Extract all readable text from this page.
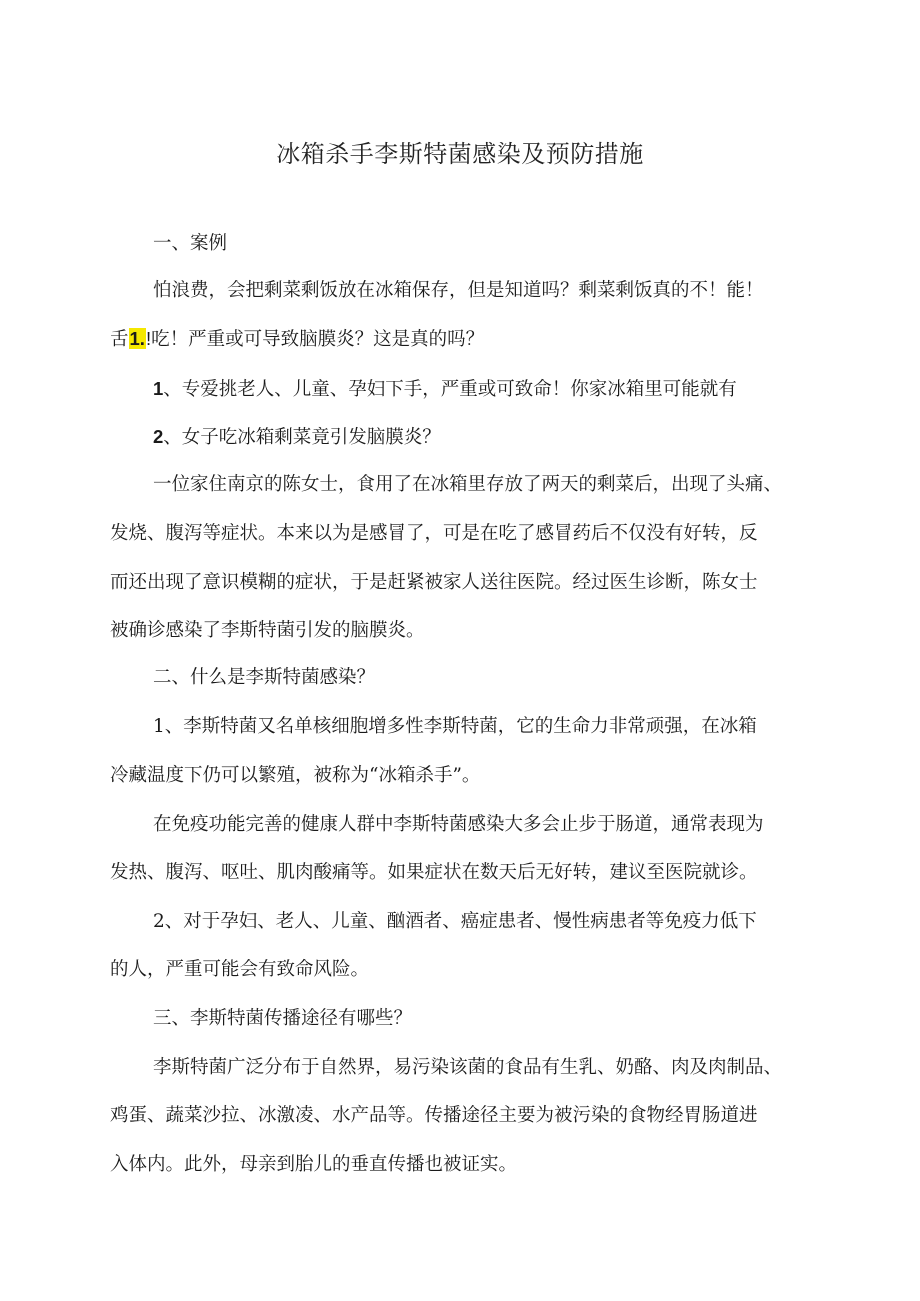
冰箱杀手李斯特菌感染及预防措施
一、案例
怕浪费，会把剩菜剩饭放在冰箱保存，但是知道吗？剩菜剩饭真的不！能！
舌1.!吃！严重或可导致脑膜炎？这是真的吗？
1、专爱挑老人、儿童、孕妇下手，严重或可致命！你家冰箱里可能就有
2、女子吃冰箱剩菜竟引发脑膜炎？
一位家住南京的陈女士，食用了在冰箱里存放了两天的剩菜后，出现了头痛、
发烧、腹泻等症状。本来以为是感冒了，可是在吃了感冒药后不仅没有好转，反
而还出现了意识模糊的症状，于是赶紧被家人送往医院。经过医生诊断，陈女士
被确诊感染了李斯特菌引发的脑膜炎。
二、什么是李斯特菌感染？
1、李斯特菌又名单核细胞增多性李斯特菌，它的生命力非常顽强，在冰箱
冷藏温度下仍可以繁殖，被称为“冰箱杀手”。
在免疫功能完善的健康人群中李斯特菌感染大多会止步于肠道，通常表现为
发热、腹泻、呕吐、肌肉酸痛等。如果症状在数天后无好转，建议至医院就诊。
2、对于孕妇、老人、儿童、酗酒者、癌症患者、慢性病患者等免疫力低下
的人，严重可能会有致命风险。
三、李斯特菌传播途径有哪些？
李斯特菌广泛分布于自然界，易污染该菌的食品有生乳、奶酪、肉及肉制品、
鸡蛋、蔬菜沙拉、冰激凌、水产品等。传播途径主要为被污染的食物经胃肠道进
入体内。此外，母亲到胎儿的垂直传播也被证实。
